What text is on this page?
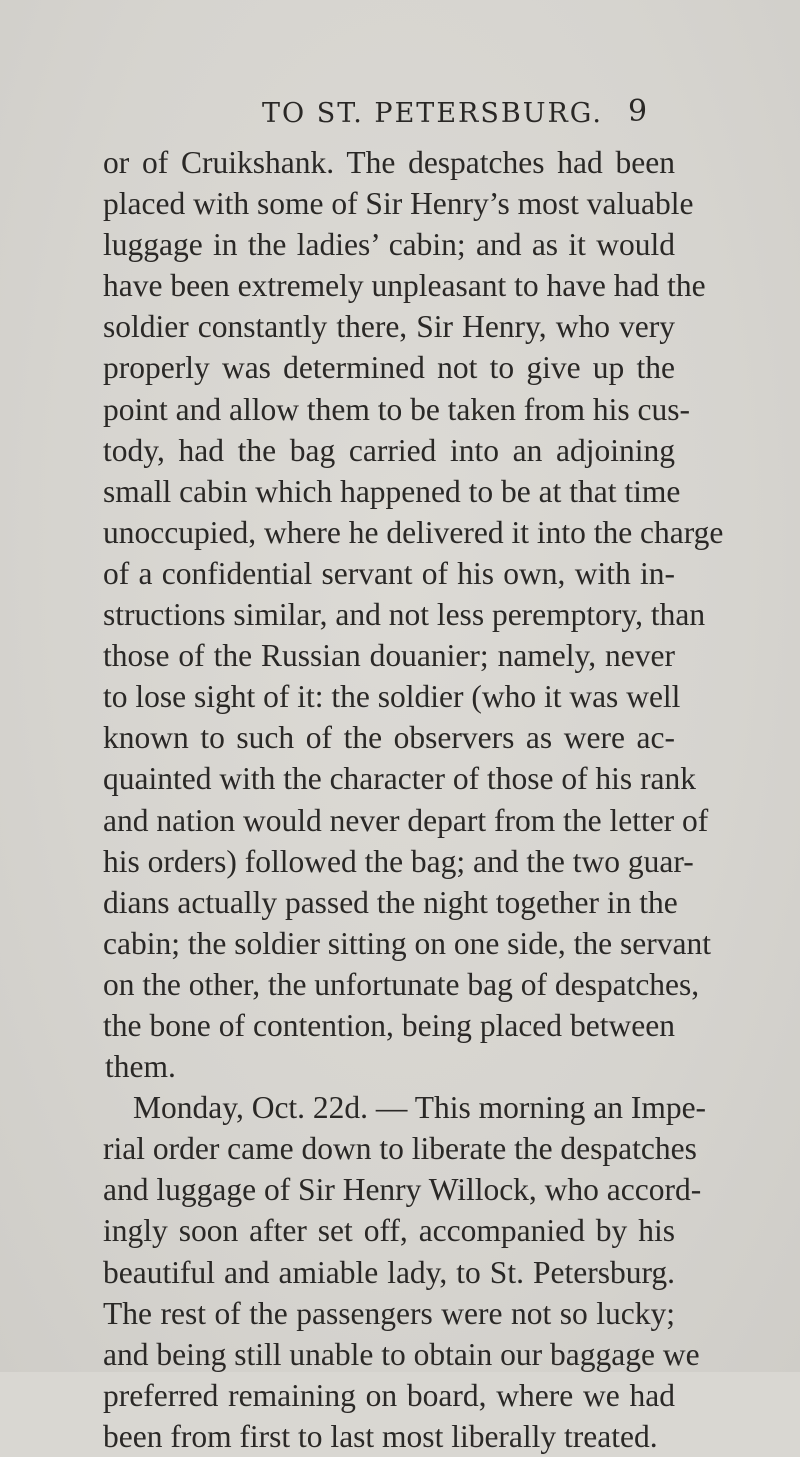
TO ST. PETERSBURG. 9
or of Cruikshank. The despatches had been
placed with some of Sir Henry’s most valuable
luggage in the ladies’ cabin; and as it would
have been extremely unpleasant to have had the
soldier constantly there, Sir Henry, who very
properly was determined not to give up the
point and allow them to be taken from his cus-
tody, had the bag carried into an adjoining
small cabin which happened to be at that time
unoccupied, where he delivered it into the charge
of a confidential servant of his own, with in-
structions similar, and not less peremptory, than
those of the Russian douanier; namely, never
to lose sight of it: the soldier (who it was well
known to such of the observers as were ac-
quainted with the character of those of his rank
and nation would never depart from the letter of
his orders) followed the bag; and the two guar-
dians actually passed the night together in the
cabin; the soldier sitting on one side, the servant
on the other, the unfortunate bag of despatches,
the bone of contention, being placed between
them.
Monday, Oct. 22d. — This morning an Impe-
rial order came down to liberate the despatches
and luggage of Sir Henry Willock, who accord-
ingly soon after set off, accompanied by his
beautiful and amiable lady, to St. Petersburg.
The rest of the passengers were not so lucky;
and being still unable to obtain our baggage we
preferred remaining on board, where we had
been from first to last most liberally treated.
